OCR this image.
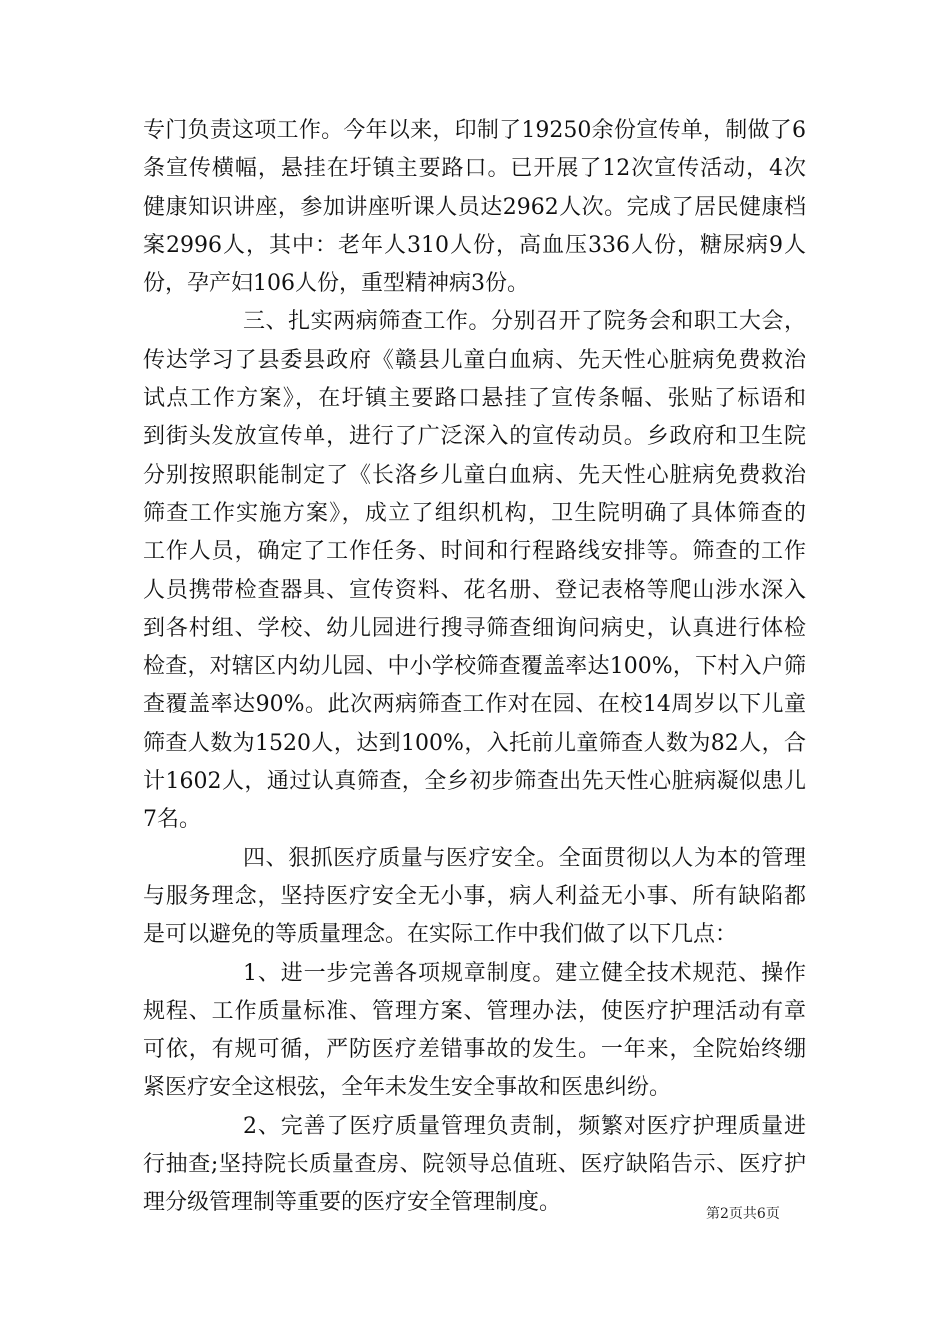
专门负责这项工作。今年以来，印制了19250余份宣传单，制做了6
条宣传横幅，悬挂在圩镇主要路口。已开展了12次宣传活动，4次
健康知识讲座，参加讲座听课人员达2962人次。完成了居民健康档
案2996人，其中：老年人310人份，高血压336人份，糖尿病9人
份，孕产妇106人份，重型精神病3份。
三、扎实两病筛查工作。分别召开了院务会和职工大会，
传达学习了县委县政府《赣县儿童白血病、先天性心脏病免费救治
试点工作方案》，在圩镇主要路口悬挂了宣传条幅、张贴了标语和
到街头发放宣传单，进行了广泛深入的宣传动员。乡政府和卫生院
分别按照职能制定了《长洛乡儿童白血病、先天性心脏病免费救治
筛查工作实施方案》，成立了组织机构，卫生院明确了具体筛查的
工作人员，确定了工作任务、时间和行程路线安排等。筛查的工作
人员携带检查器具、宣传资料、花名册、登记表格等爬山涉水深入
到各村组、学校、幼儿园进行搜寻筛查细询问病史，认真进行体检
检查，对辖区内幼儿园、中小学校筛查覆盖率达100%，下村入户筛
查覆盖率达90%。此次两病筛查工作对在园、在校14周岁以下儿童
筛查人数为1520人，达到100%，入托前儿童筛查人数为82人，合
计1602人，通过认真筛查，全乡初步筛查出先天性心脏病凝似患儿
7名。
四、狠抓医疗质量与医疗安全。全面贯彻以人为本的管理
与服务理念，坚持医疗安全无小事，病人利益无小事、所有缺陷都
是可以避免的等质量理念。在实际工作中我们做了以下几点：
1、进一步完善各项规章制度。建立健全技术规范、操作
规程、工作质量标准、管理方案、管理办法，使医疗护理活动有章
可依，有规可循，严防医疗差错事故的发生。一年来，全院始终绷
紧医疗安全这根弦，全年未发生安全事故和医患纠纷。
2、完善了医疗质量管理负责制，频繁对医疗护理质量进
行抽查;坚持院长质量查房、院领导总值班、医疗缺陷告示、医疗护
理分级管理制等重要的医疗安全管理制度。	第2页共6页
